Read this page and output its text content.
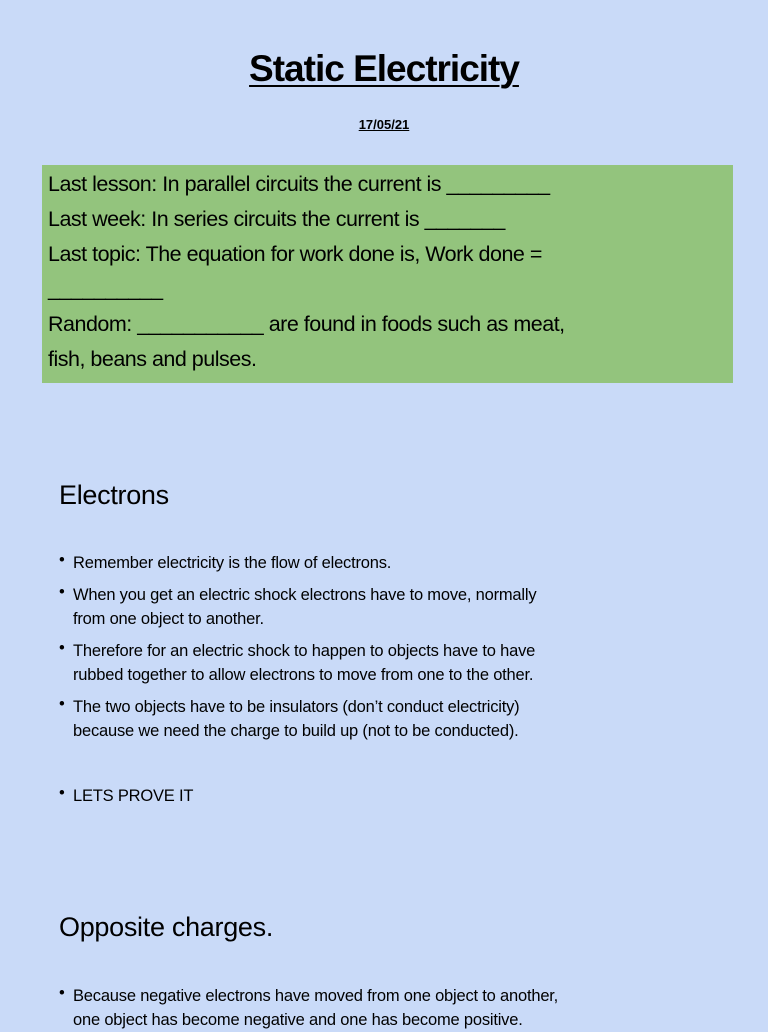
Static Electricity
17/05/21
Last lesson: In parallel circuits the current is _________
Last week: In series circuits the current is _______
Last topic: The equation for work done is, Work done =
__________
Random: ___________ are found in foods such as meat,
fish, beans and pulses.
Electrons
• Remember electricity is the flow of electrons.
• When you get an electric shock electrons have to move, normally
from one object to another.
• Therefore for an electric shock to happen to objects have to have
rubbed together to allow electrons to move from one to the other.
• The two objects have to be insulators (don’t conduct electricity)
because we need the charge to build up (not to be conducted).
• LETS PROVE IT
Opposite charges.
• Because negative electrons have moved from one object to another,
one object has become negative and one has become positive.
